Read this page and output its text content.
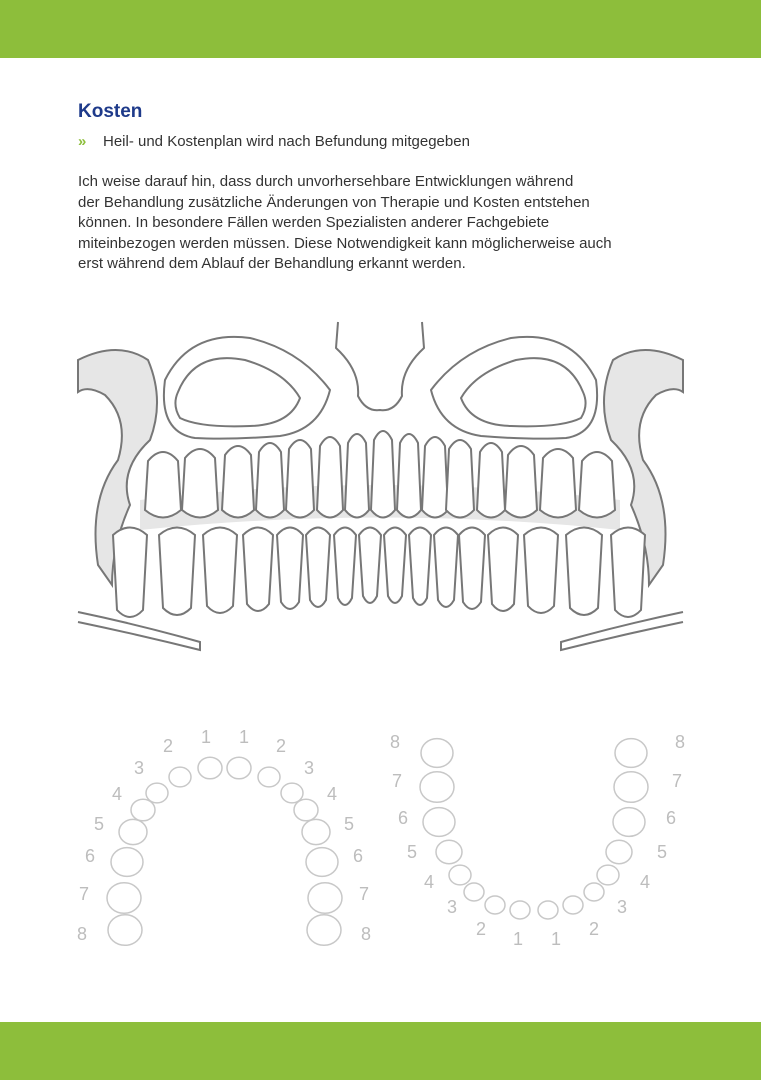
Kosten
»	Heil- und Kostenplan wird nach Befundung mitgegeben

Ich weise darauf hin, dass durch unvorhersehbare Entwicklungen während
der Behandlung zusätzliche Änderungen von Therapie und Kosten entstehen
können. In besondere Fällen werden Spezialisten anderer Fachgebiete
miteinbezogen werden müssen. Diese Notwendigkeit kann möglicherweise auch
erst während dem Ablauf der Behandlung erkannt werden.

8
7
6
5
4
3
2 1 1 2
3
4
5
6
7
8
8
7
6
5
4
3
2 1 1 2
3
4
5
6
7
8
